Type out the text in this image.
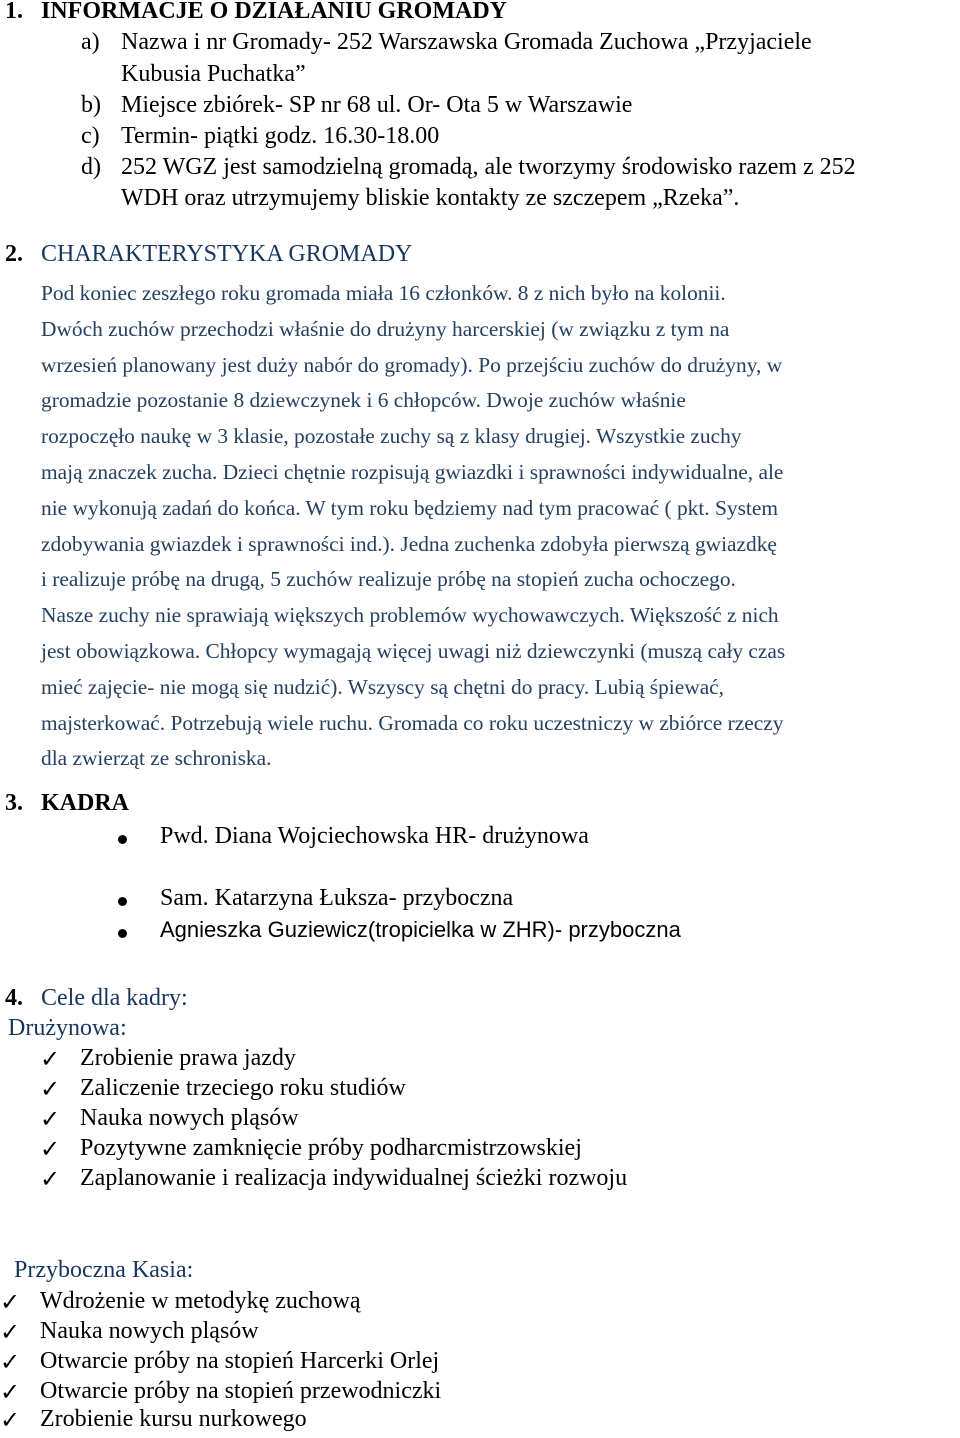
1. INFORMACJE O DZIAŁANIU GROMADY
a) Nazwa i nr Gromady- 252 Warszawska Gromada Zuchowa „Przyjaciele
Kubusia Puchatka”
b) Miejsce zbiórek- SP nr 68 ul. Or- Ota 5 w Warszawie
c) Termin- piątki godz. 16.30-18.00
d) 252 WGZ jest samodzielną gromadą, ale tworzymy środowisko razem z 252
WDH oraz utrzymujemy bliskie kontakty ze szczepem „Rzeka”.
2. CHARAKTERYSTYKA GROMADY
Pod koniec zeszłego roku gromada miała 16 członków. 8 z nich było na kolonii.
Dwóch zuchów przechodzi właśnie do drużyny harcerskiej (w związku z tym na
wrzesień planowany jest duży nabór do gromady). Po przejściu zuchów do drużyny, w
gromadzie pozostanie 8 dziewczynek i 6 chłopców. Dwoje zuchów właśnie
rozpoczęło naukę w 3 klasie, pozostałe zuchy są z klasy drugiej. Wszystkie zuchy
mają znaczek zucha. Dzieci chętnie rozpisują gwiazdki i sprawności indywidualne, ale
nie wykonują zadań do końca. W tym roku będziemy nad tym pracować ( pkt. System
zdobywania gwiazdek i sprawności ind.). Jedna zuchenka zdobyła pierwszą gwiazdkę
i realizuje próbę na drugą, 5 zuchów realizuje próbę na stopień zucha ochoczego.
Nasze zuchy nie sprawiają większych problemów wychowawczych. Większość z nich
jest obowiązkowa. Chłopcy wymagają więcej uwagi niż dziewczynki (muszą cały czas
mieć zajęcie- nie mogą się nudzić). Wszyscy są chętni do pracy. Lubią śpiewać,
majsterkować. Potrzebują wiele ruchu. Gromada co roku uczestniczy w zbiórce rzeczy
dla zwierząt ze schroniska.
3. KADRA
Pwd. Diana Wojciechowska HR- drużynowa
Sam. Katarzyna Łuksza- przyboczna
Agnieszka Guziewicz(tropicielka w ZHR)- przyboczna
4. Cele dla kadry:
Drużynowa:
✓ Zrobienie prawa jazdy
✓ Zaliczenie trzeciego roku studiów
✓ Nauka nowych pląsów
✓ Pozytywne zamknięcie próby podharcmistrzowskiej
✓ Zaplanowanie i realizacja indywidualnej ścieżki rozwoju
Przyboczna Kasia:
✓ Wdrożenie w metodykę zuchową
✓ Nauka nowych pląsów
✓ Otwarcie próby na stopień Harcerki Orlej
✓ Otwarcie próby na stopień przewodniczki
✓ Zrobienie kursu nurkowego
